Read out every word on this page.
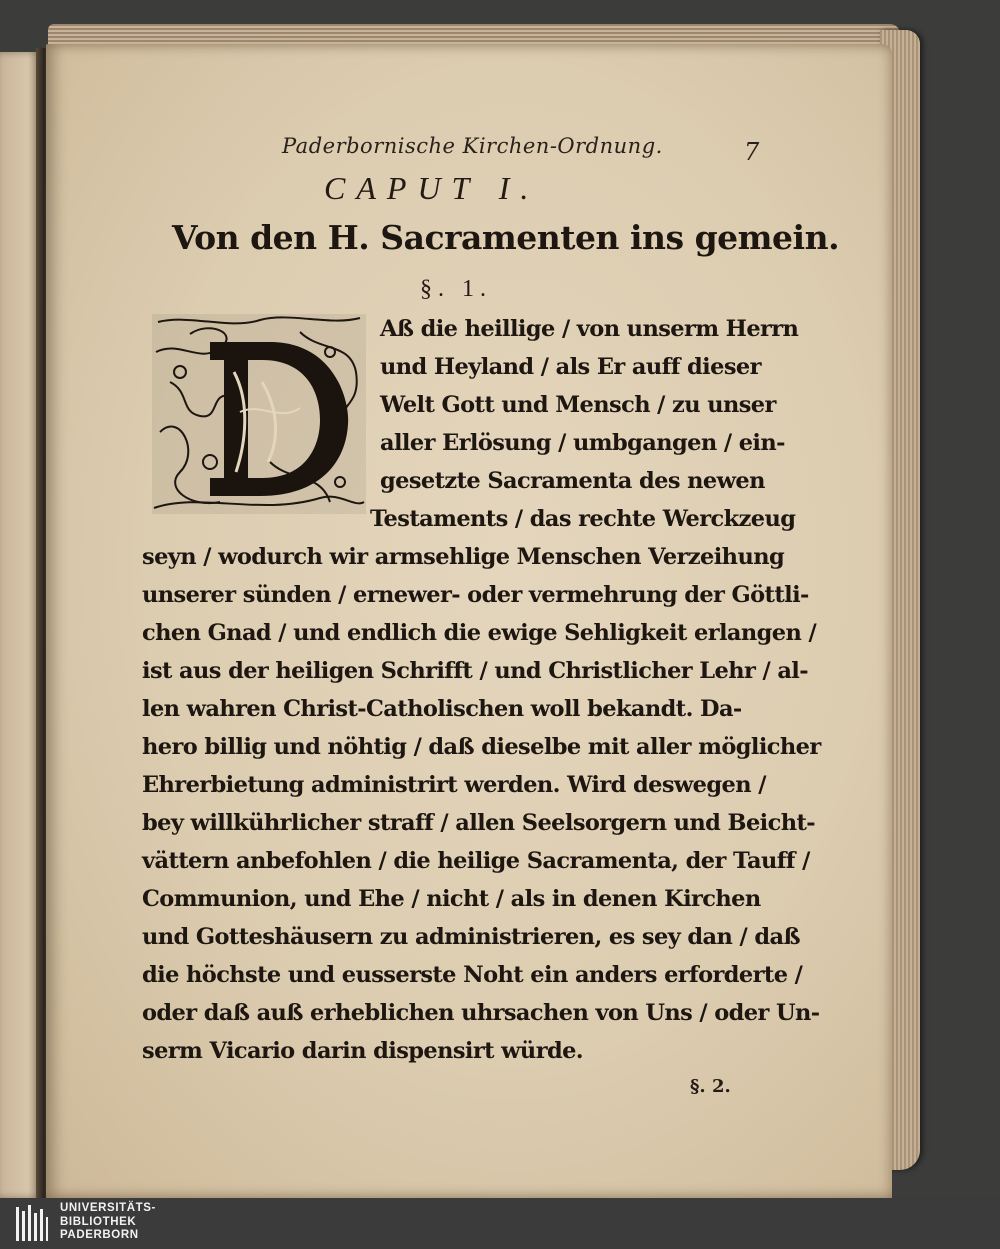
Paderbornische Kirchen-Ordnung.	7
CAPUT I.
Von den H. Sacramenten ins gemein.
§. 1.
Aß die heillige / von unserm Herrn
und Heyland / als Er auff dieser
Welt Gott und Mensch / zu unser
aller Erlösung / umbgangen / ein-
gesetzte Sacramenta des newen
Testaments / das rechte Werckzeug
seyn / wodurch wir armsehlige Menschen Verzeihung
unserer sünden / ernewer- oder vermehrung der Göttli-
chen Gnad / und endlich die ewige Sehligkeit erlangen /
ist aus der heiligen Schrifft / und Christlicher Lehr / al-
len wahren Christ-Catholischen woll bekandt. Da-
hero billig und nöhtig / daß dieselbe mit aller möglicher
Ehrerbietung administrirt werden. Wird deswegen /
bey willkührlicher straff / allen Seelsorgern und Beicht-
vättern anbefohlen / die heilige Sacramenta, der Tauff /
Communion, und Ehe / nicht / als in denen Kirchen
und Gotteshäusern zu administrieren, es sey dan / daß
die höchste und eusserste Noht ein anders erforderte /
oder daß auß erheblichen uhrsachen von Uns / oder Un-
serm Vicario darin dispensirt würde.
§. 2.
UNIVERSITÄTS-
BIBLIOTHEK
PADERBORN
